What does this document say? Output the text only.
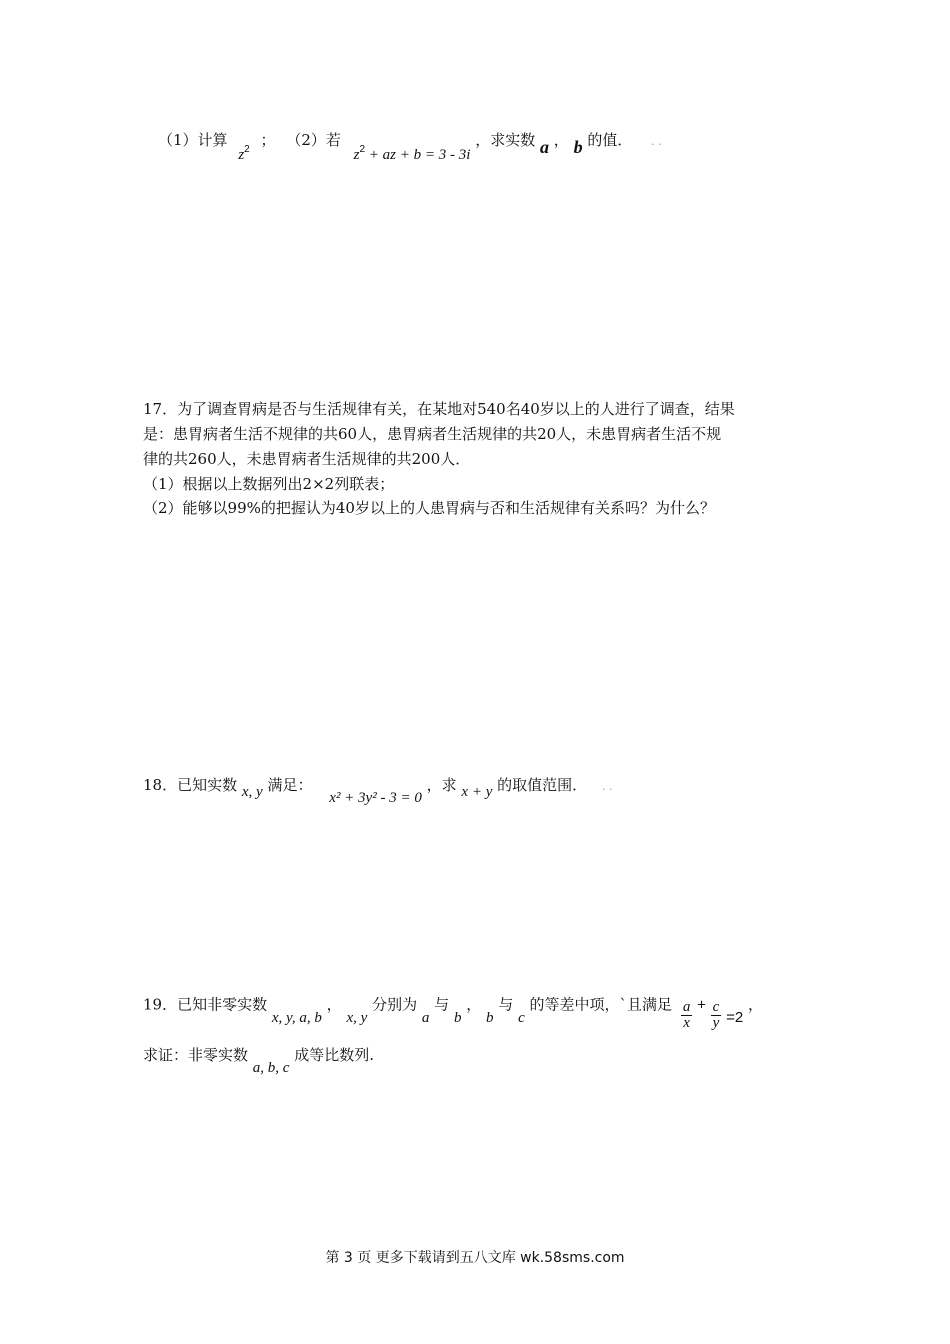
（1）计算 $z^2$ ； （2）若 $z^2$ + az + b = 3 - 3i ，求实数 a ， b 的值． . .
17．为了调查胃病是否与生活规律有关，在某地对540名40岁以上的人进行了调查，结果
是：患胃病者生活不规律的共60人，患胃病者生活规律的共20人，未患胃病者生活不规
律的共260人，未患胃病者生活规律的共200人．
（1）根据以上数据列出2×2列联表；
（2）能够以99%的把握认为40岁以上的人患胃病与否和生活规律有关系吗？为什么？
18．已知实数 x, y 满足： x² + 3y² - 3 = 0 ，求 x + y 的取值范围． . .
19．已知非零实数 x, y, a, b ， x, y 分别为 a 与 b ， b 与 c 的等差中项，`且满足 $\frac{a}{x} + \frac{c}{y} =2$ ，
求证：非零实数 a, b, c 成等比数列.
第 3 页 更多下载请到五八文库 wk.58sms.com
